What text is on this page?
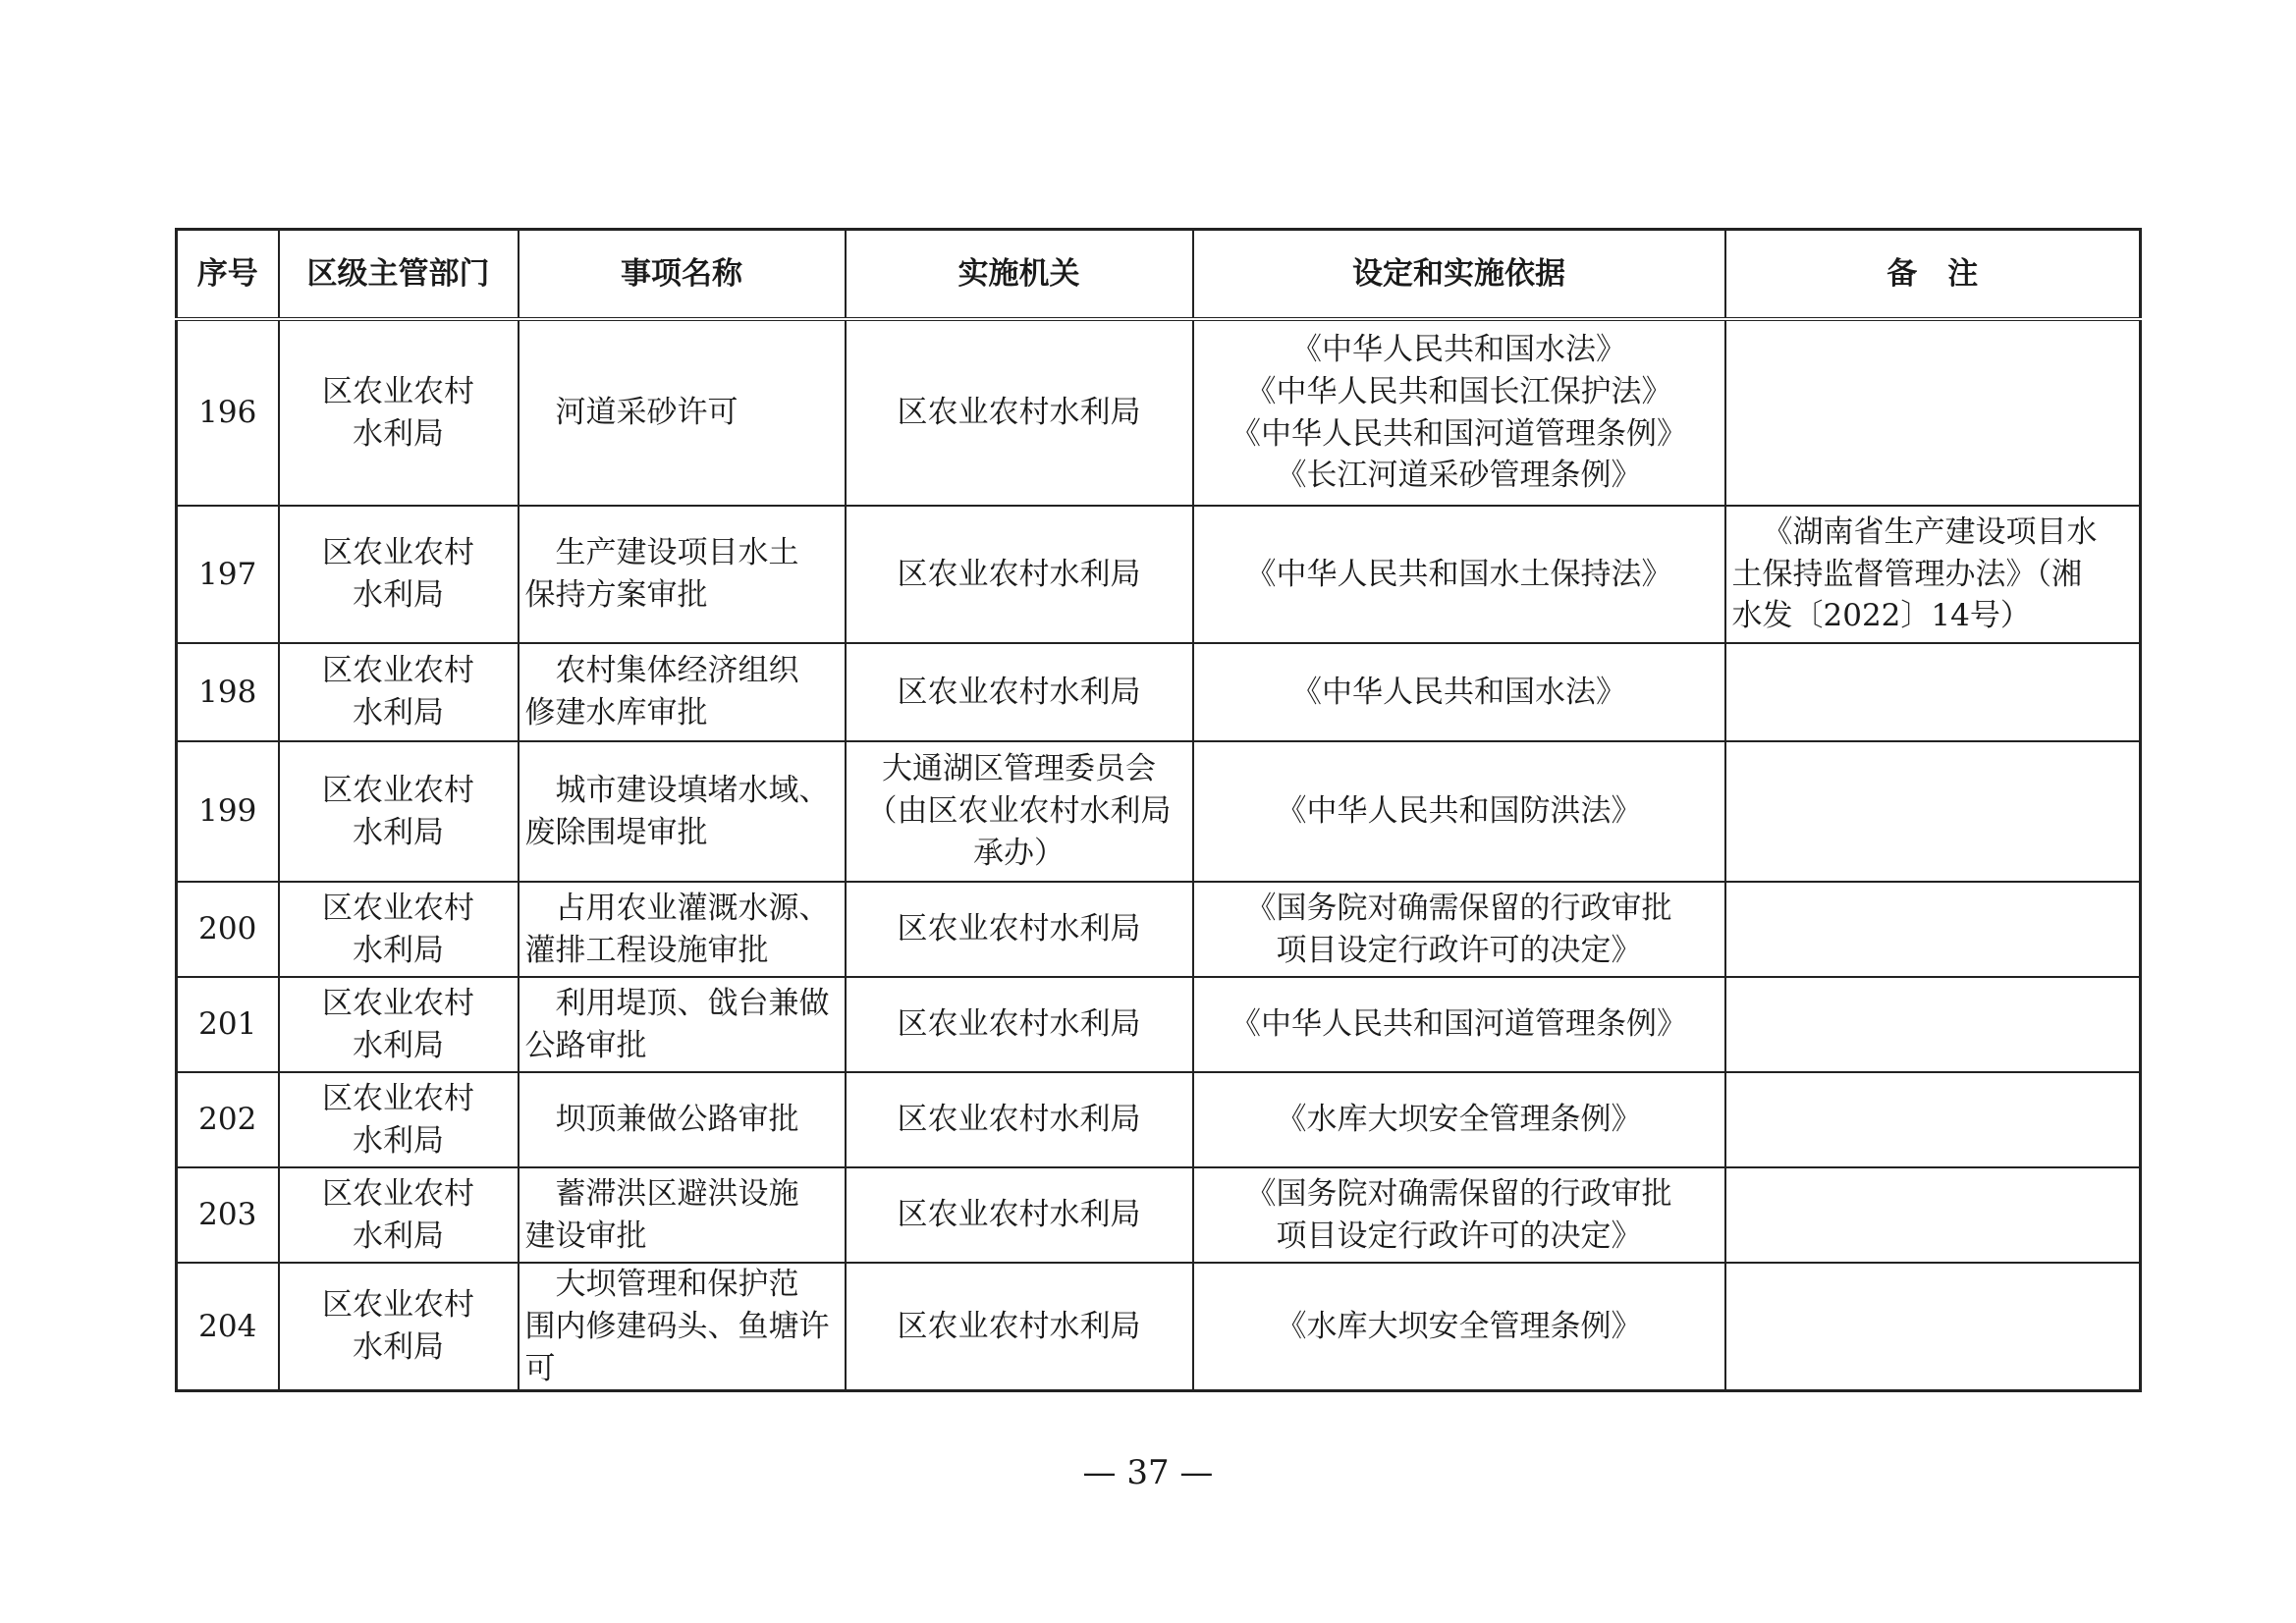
序号	区级主管部门	事项名称	实施机关	设定和实施依据	备　注
196	区农业农村
水利局	河道采砂许可	区农业农村水利局	《中华人民共和国水法》
《中华人民共和国长江保护法》
《中华人民共和国河道管理条例》
《长江河道采砂管理条例》	

197	区农业农村
水利局	生产建设项目水土
保持方案审批	区农业农村水利局	《中华人民共和国水土保持法》	《湖南省生产建设项目水
土保持监督管理办法》（湘
水发〔2022〕14号）

198	区农业农村
水利局	农村集体经济组织
修建水库审批	区农业农村水利局	《中华人民共和国水法》	

199	区农业农村
水利局	城市建设填堵水域、
废除围堤审批	大通湖区管理委员会
（由区农业农村水利局
承办）	《中华人民共和国防洪法》	

200	区农业农村
水利局	占用农业灌溉水源、
灌排工程设施审批	区农业农村水利局	《国务院对确需保留的行政审批
项目设定行政许可的决定》	

201	区农业农村
水利局	利用堤顶、戗台兼做
公路审批	区农业农村水利局	《中华人民共和国河道管理条例》	

202	区农业农村
水利局	坝顶兼做公路审批	区农业农村水利局	《水库大坝安全管理条例》	

203	区农业农村
水利局	蓄滞洪区避洪设施
建设审批	区农业农村水利局	《国务院对确需保留的行政审批
项目设定行政许可的决定》	

204	区农业农村
水利局	大坝管理和保护范
围内修建码头、鱼塘许
可	区农业农村水利局	《水库大坝安全管理条例》	

— 37 —
